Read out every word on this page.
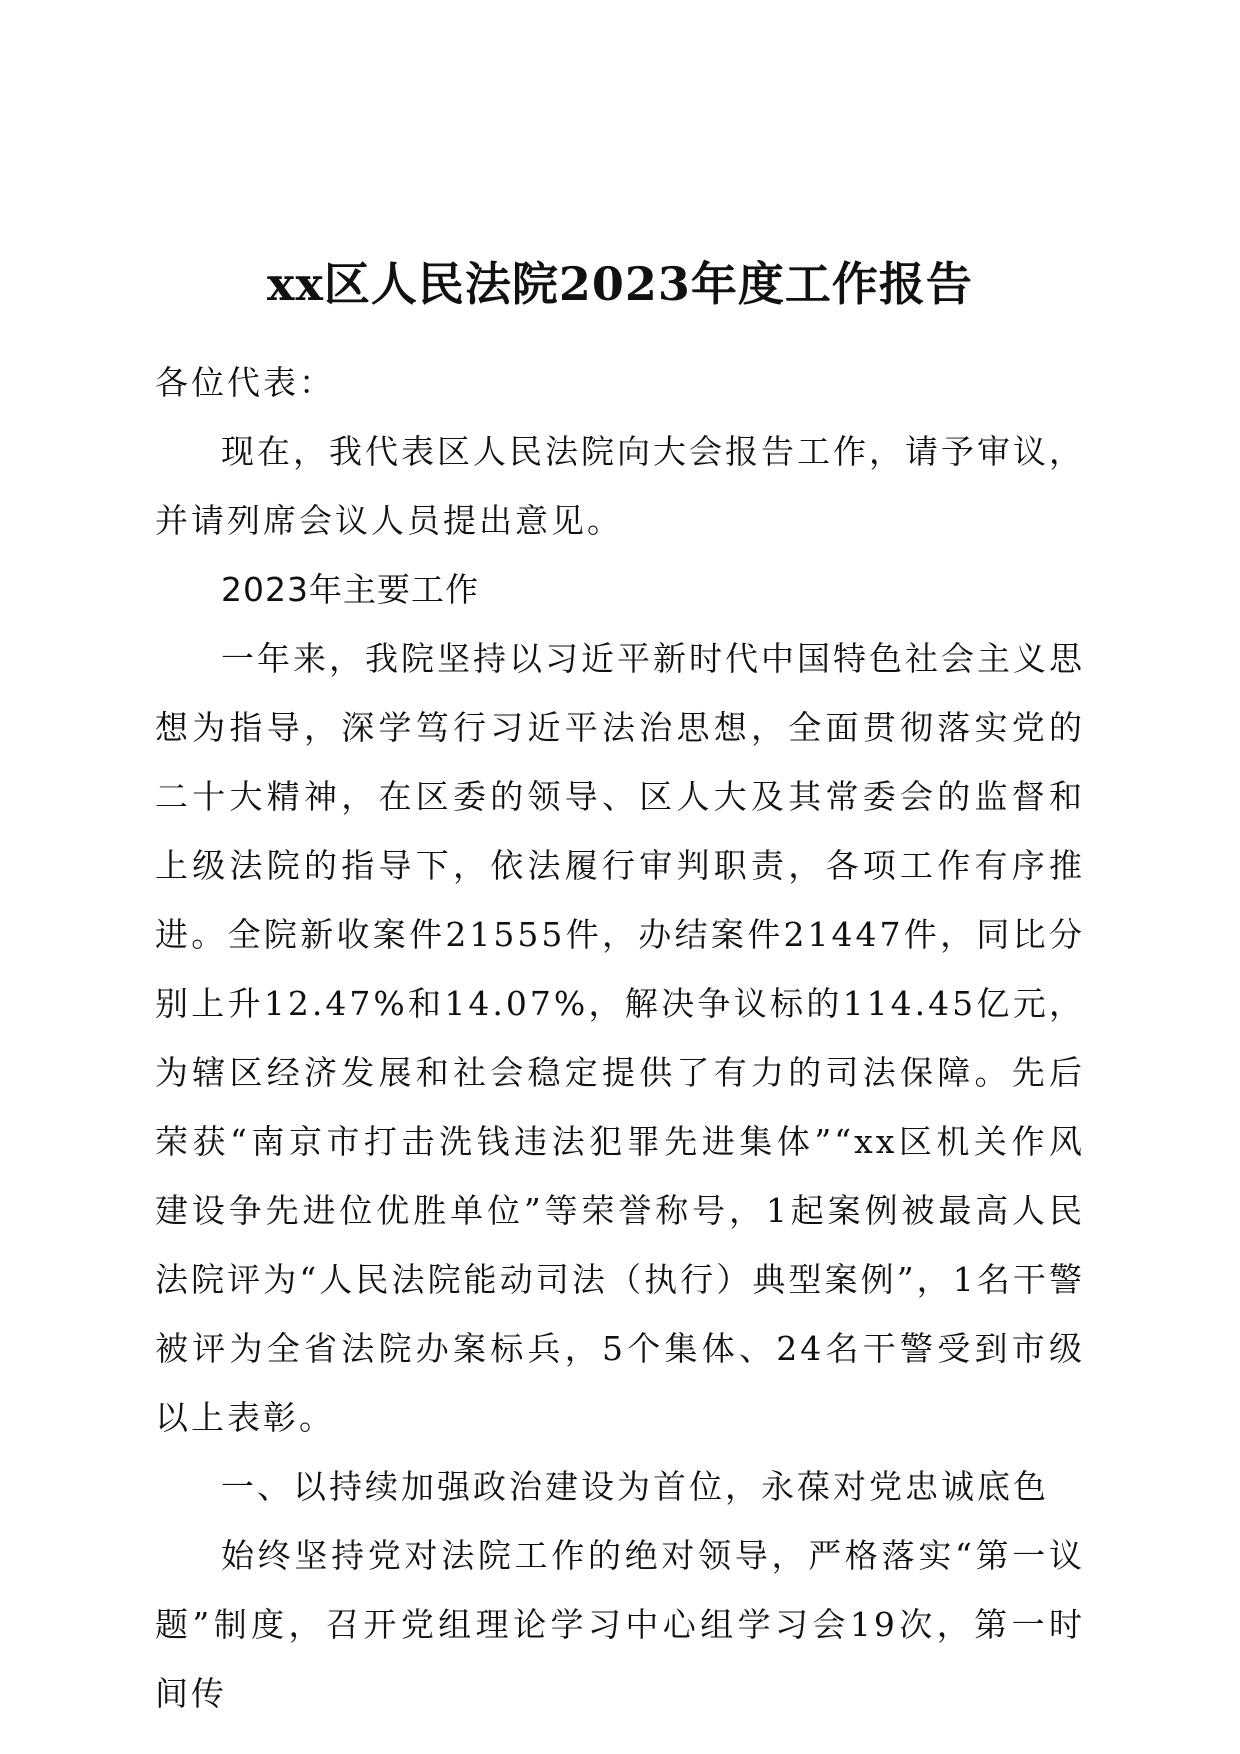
xx区人民法院2023年度工作报告

各位代表：

现在，我代表区人民法院向大会报告工作，请予审议，并请列席会议人员提出意见。

2023年主要工作

一年来，我院坚持以习近平新时代中国特色社会主义思想为指导，深学笃行习近平法治思想，全面贯彻落实党的二十大精神，在区委的领导、区人大及其常委会的监督和上级法院的指导下，依法履行审判职责，各项工作有序推进。全院新收案件21555件，办结案件21447件，同比分别上升12.47%和14.07%，解决争议标的114.45亿元，为辖区经济发展和社会稳定提供了有力的司法保障。先后荣获“南京市打击洗钱违法犯罪先进集体”“xx区机关作风建设争先进位优胜单位”等荣誉称号，1起案例被最高人民法院评为“人民法院能动司法（执行）典型案例”，1名干警被评为全省法院办案标兵，5个集体、24名干警受到市级以上表彰。

一、以持续加强政治建设为首位，永葆对党忠诚底色

始终坚持党对法院工作的绝对领导，严格落实“第一议题”制度，召开党组理论学习中心组学习会19次，第一时间传
